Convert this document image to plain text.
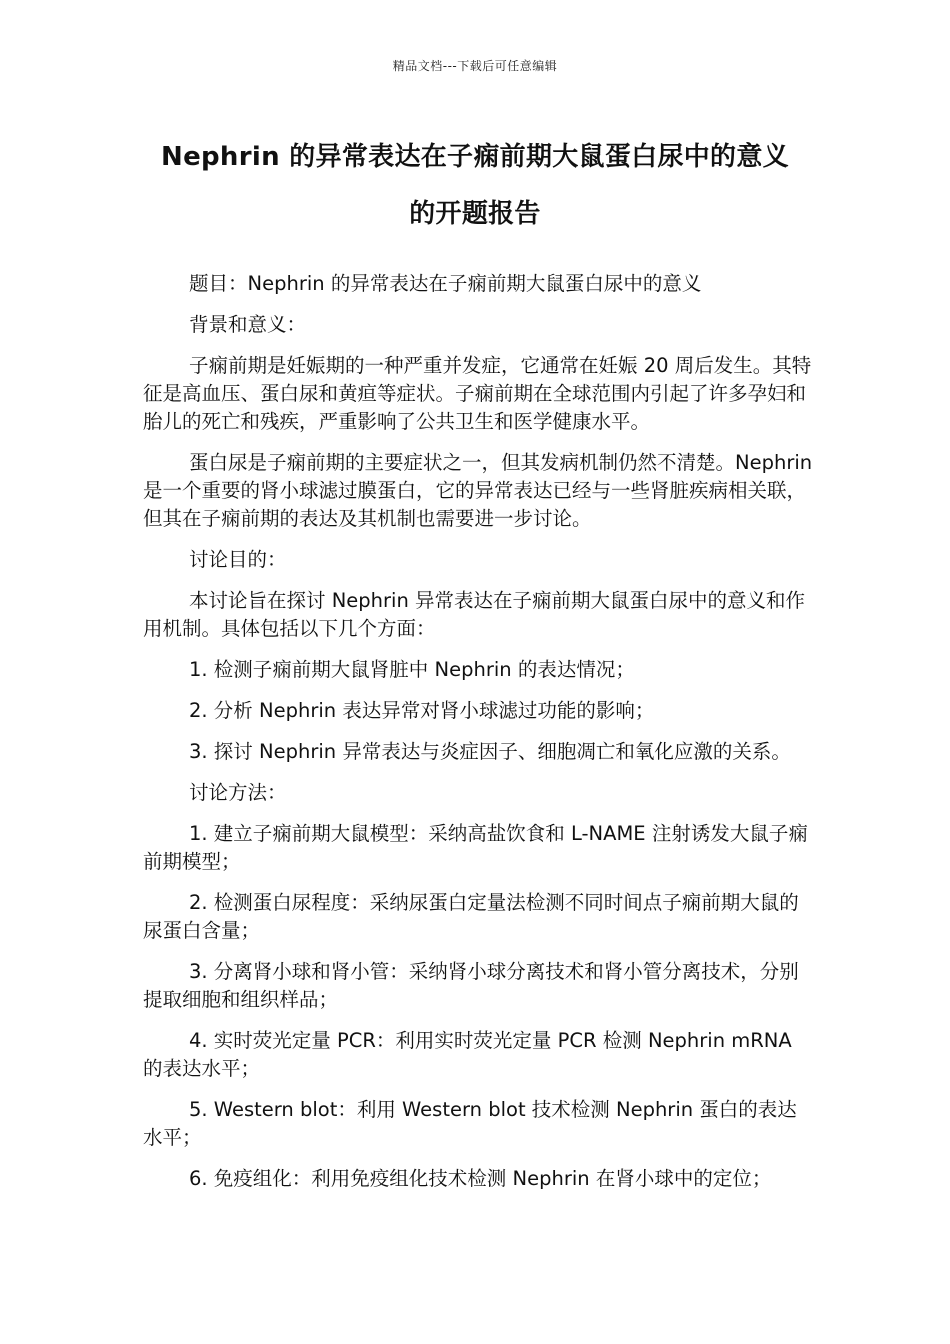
精品文档---下载后可任意编辑
Nephrin 的异常表达在子痫前期大鼠蛋白尿中的意义
的开题报告

题目：Nephrin 的异常表达在子痫前期大鼠蛋白尿中的意义

背景和意义：

子痫前期是妊娠期的一种严重并发症，它通常在妊娠 20 周后发生。其特征是高血压、蛋白尿和黄疸等症状。子痫前期在全球范围内引起了许多孕妇和胎儿的死亡和残疾，严重影响了公共卫生和医学健康水平。

蛋白尿是子痫前期的主要症状之一，但其发病机制仍然不清楚。Nephrin 是一个重要的肾小球滤过膜蛋白，它的异常表达已经与一些肾脏疾病相关联，但其在子痫前期的表达及其机制也需要进一步讨论。

讨论目的：

本讨论旨在探讨 Nephrin 异常表达在子痫前期大鼠蛋白尿中的意义和作用机制。具体包括以下几个方面：

1. 检测子痫前期大鼠肾脏中 Nephrin 的表达情况；

2. 分析 Nephrin 表达异常对肾小球滤过功能的影响；

3. 探讨 Nephrin 异常表达与炎症因子、细胞凋亡和氧化应激的关系。

讨论方法：

1. 建立子痫前期大鼠模型：采纳高盐饮食和 L-NAME 注射诱发大鼠子痫前期模型；

2. 检测蛋白尿程度：采纳尿蛋白定量法检测不同时间点子痫前期大鼠的尿蛋白含量；

3. 分离肾小球和肾小管：采纳肾小球分离技术和肾小管分离技术，分别提取细胞和组织样品；

4. 实时荧光定量 PCR：利用实时荧光定量 PCR 检测 Nephrin mRNA 的表达水平；

5. Western blot：利用 Western blot 技术检测 Nephrin 蛋白的表达水平；

6. 免疫组化：利用免疫组化技术检测 Nephrin 在肾小球中的定位；
